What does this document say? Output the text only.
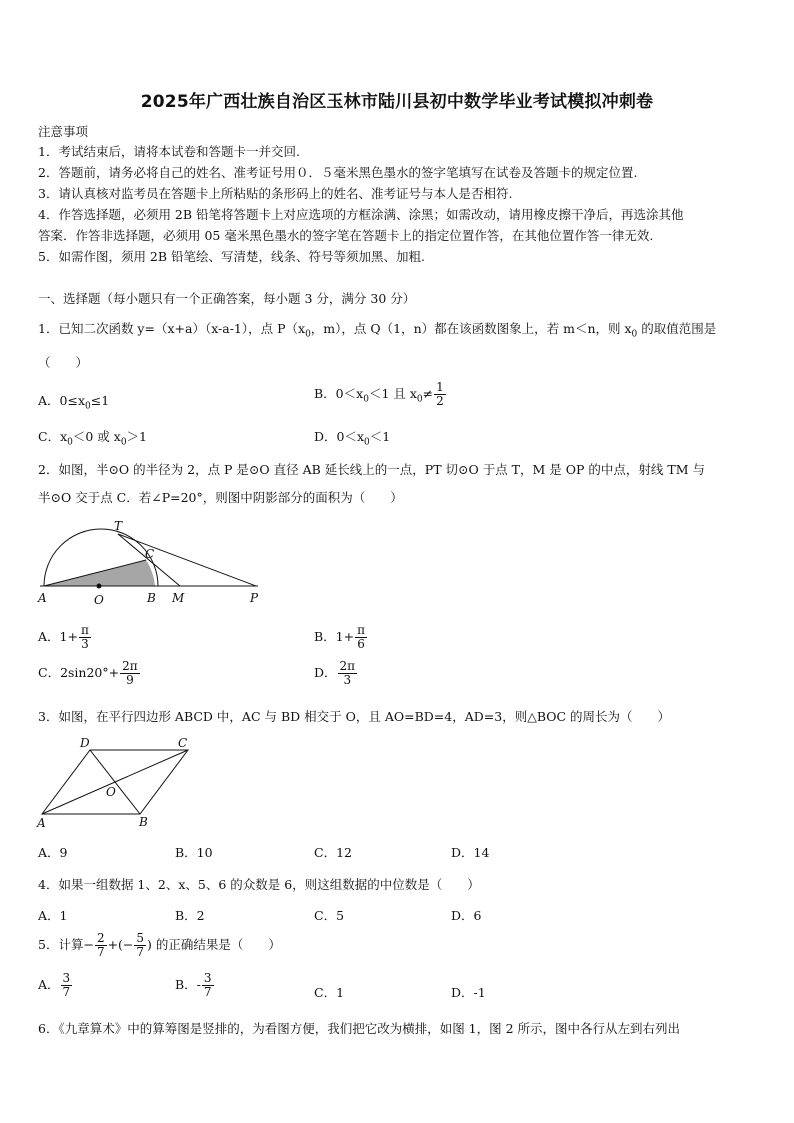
2025年广西壮族自治区玉林市陆川县初中数学毕业考试模拟冲刺卷
注意事项
1．考试结束后，请将本试卷和答题卡一并交回.
2．答题前，请务必将自己的姓名、准考证号用０．５毫米黑色墨水的签字笔填写在试卷及答题卡的规定位置.
3．请认真核对监考员在答题卡上所粘贴的条形码上的姓名、准考证号与本人是否相符.
4．作答选择题，必须用 2B 铅笔将答题卡上对应选项的方框涂满、涂黑；如需改动，请用橡皮擦干净后，再选涂其他
答案．作答非选择题，必须用 05 毫米黑色墨水的签字笔在答题卡上的指定位置作答，在其他位置作答一律无效.
5．如需作图，须用 2B 铅笔绘、写清楚，线条、符号等须加黑、加粗.
一、选择题（每小题只有一个正确答案，每小题 3 分，满分 30 分）
1．已知二次函数 y=（x+a）（x-a-1），点 $P(x_0$，m），点 Q（1，n）都在该函数图象上，若 m＜n，则 $x_0$ 的取值范围是
（　　）
A．$0\le x_0\le 1$	B．$0<x_0<1$ 且 $x_0\ne \frac{1}{2}$
C．$x_0<0$ 或 $x_0>1$	D．$0<x_0<1$
2．如图，半⊙O 的半径为 2，点 P 是⊙O 直径 AB 延长线上的一点，PT 切⊙O 于点 T，M 是 OP 的中点，射线 TM 与
半⊙O 交于点 C．若∠P=20°，则图中阴影部分的面积为（　　）
T
C
A	O	B M	P
A．$1+ \frac{\pi}{3}$	B．$1+ \frac{\pi}{6}$
C．$2\sin 20^\circ+ \frac{2\pi}{9}$	D． $\frac{2\pi}{3}$
3．如图，在平行四边形 ABCD 中，AC 与 BD 相交于 O，且 AO=BD=4，AD=3，则△BOC 的周长为（　　）
D	C
O
A	B
A．9	B．10	C．12	D．14
4．如果一组数据 1、2、x、5、6 的众数是 6，则这组数据的中位数是（　　）
A．1	B．2	C．5	D．6
5．计算− $\frac{2}{7}$ +(− $\frac{5}{7}$ ) 的正确结果是（　　）
A． $\frac{3}{7}$	B．- $\frac{3}{7}$	C．1	D．-1
6．《九章算术》中的算筹图是竖排的，为看图方便，我们把它改为横排，如图 1，图 2 所示，图中各行从左到右列出
